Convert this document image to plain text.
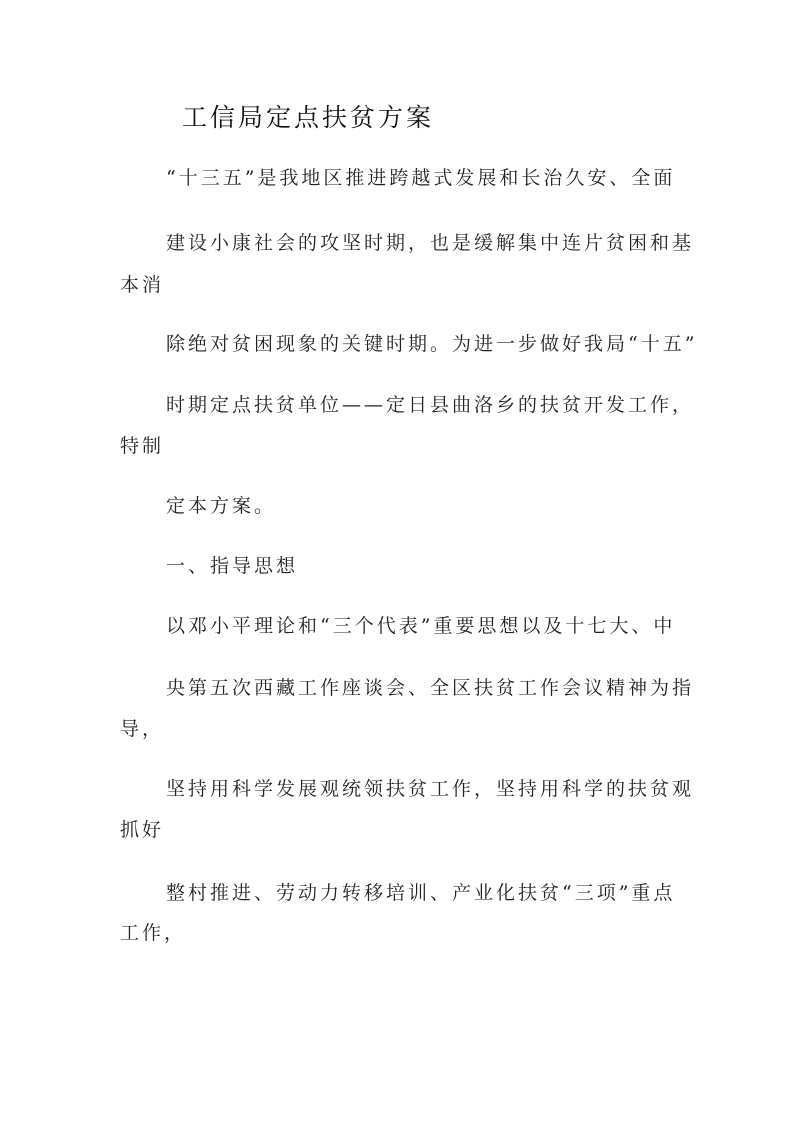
工信局定点扶贫方案
“十三五”是我地区推进跨越式发展和长治久安、全面
建设小康社会的攻坚时期，也是缓解集中连片贫困和基
本消
除绝对贫困现象的关键时期。为进一步做好我局“十五”
时期定点扶贫单位——定日县曲洛乡的扶贫开发工作，
特制
定本方案。
一、指导思想
以邓小平理论和“三个代表”重要思想以及十七大、中
央第五次西藏工作座谈会、全区扶贫工作会议精神为指
导，
坚持用科学发展观统领扶贫工作，坚持用科学的扶贫观
抓好
整村推进、劳动力转移培训、产业化扶贫“三项”重点
工作，
